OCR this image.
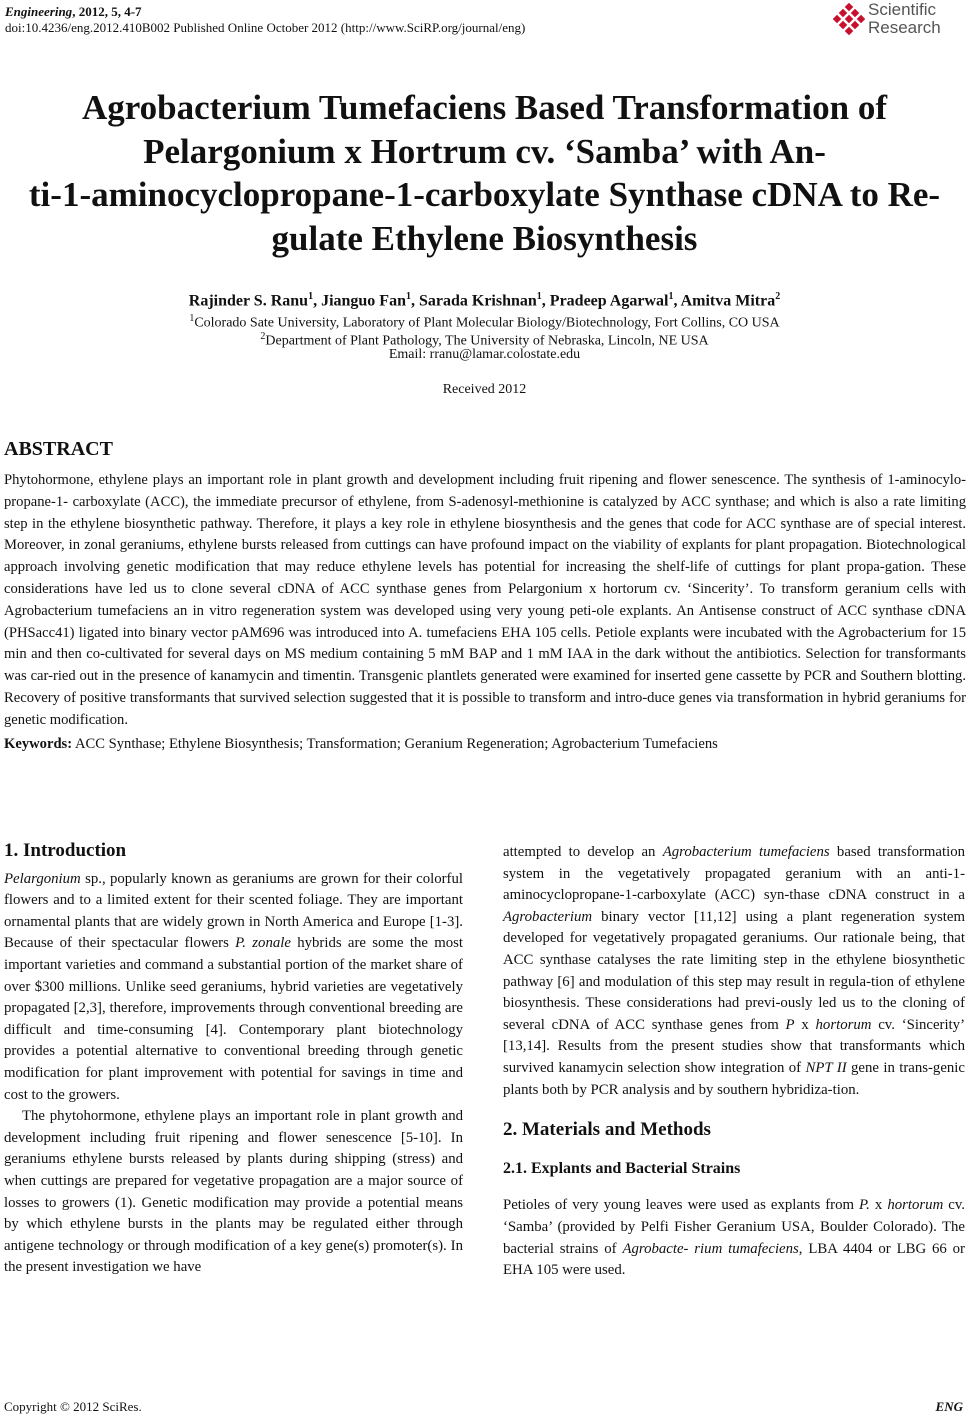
Engineering, 2012, 5, 4-7
doi:10.4236/eng.2012.410B002 Published Online October 2012 (http://www.SciRP.org/journal/eng)
Scientific
Research
Agrobacterium Tumefaciens Based Transformation of
Pelargonium x Hortrum cv. ‘Samba’ with An-
ti-1-aminocyclopropane-1-carboxylate Synthase cDNA to Re-
gulate Ethylene Biosynthesis
Rajinder S. Ranu$^1$, Jianguo Fan$^1$, Sarada Krishnan$^1$, Pradeep Agarwal$^1$, Amitva Mitra$^2$
$^1$Colorado Sate University, Laboratory of Plant Molecular Biology/Biotechnology, Fort Collins, CO USA
$^2$Department of Plant Pathology, The University of Nebraska, Lincoln, NE USA
Email: rranu@lamar.colostate.edu
Received 2012
ABSTRACT
Phytohormone, ethylene plays an important role in plant growth and development including fruit ripening and flower senescence. The synthesis of 1-aminocylo-propane-1- carboxylate (ACC), the immediate precursor of ethylene, from S-adenosyl-methionine is catalyzed by ACC synthase; and which is also a rate limiting step in the ethylene biosynthetic pathway. Therefore, it plays a key role in ethylene biosynthesis and the genes that code for ACC synthase are of special interest. Moreover, in zonal geraniums, ethylene bursts released from cuttings can have profound impact on the viability of explants for plant propagation. Biotechnological approach involving genetic modification that may reduce ethylene levels has potential for increasing the shelf-life of cuttings for plant propa-gation. These considerations have led us to clone several cDNA of ACC synthase genes from Pelargonium x hortorum cv. ‘Sincerity’. To transform geranium cells with Agrobacterium tumefaciens an in vitro regeneration system was developed using very young peti-ole explants. An Antisense construct of ACC synthase cDNA (PHSacc41) ligated into binary vector pAM696 was introduced into A. tumefaciens EHA 105 cells. Petiole explants were incubated with the Agrobacterium for 15 min and then co-cultivated for several days on MS medium containing 5 mM BAP and 1 mM IAA in the dark without the antibiotics. Selection for transformants was car-ried out in the presence of kanamycin and timentin. Transgenic plantlets generated were examined for inserted gene cassette by PCR and Southern blotting. Recovery of positive transformants that survived selection suggested that it is possible to transform and intro-duce genes via transformation in hybrid geraniums for genetic modification.
Keywords: ACC Synthase; Ethylene Biosynthesis; Transformation; Geranium Regeneration; Agrobacterium Tumefaciens
1. Introduction

Pelargonium sp., popularly known as geraniums are grown for their colorful flowers and to a limited extent for their scented foliage. They are important ornamental plants that are widely grown in North America and Europe [1-3]. Because of their spectacular flowers P. zonale hybrids are some the most important varieties and command a substantial portion of the market share of over $300 millions. Unlike seed geraniums, hybrid varieties are vegetatively propagated [2,3], therefore, improvements through conventional breeding are difficult and time-consuming [4]. Contemporary plant biotechnology provides a potential alternative to conventional breeding through genetic modification for plant improvement with potential for savings in time and cost to the growers.

The phytohormone, ethylene plays an important role in plant growth and development including fruit ripening and flower senescence [5-10]. In geraniums ethylene bursts released by plants during shipping (stress) and when cuttings are prepared for vegetative propagation are a major source of losses to growers (1). Genetic modification may provide a potential means by which ethylene bursts in the plants may be regulated either through antigene technology or through modification of a key gene(s) promoter(s). In the present investigation we have

attempted to develop an Agrobacterium tumefaciens based transformation system in the vegetatively propagated geranium with an anti-1-aminocyclopropane-1-carboxylate (ACC) syn-thase cDNA construct in a Agrobacterium binary vector [11,12] using a plant regeneration system developed for vegetatively propagated geraniums. Our rationale being, that ACC synthase catalyses the rate limiting step in the ethylene biosynthetic pathway [6] and modulation of this step may result in regula-tion of ethylene biosynthesis. These considerations had previ-ously led us to the cloning of several cDNA of ACC synthase genes from P x hortorum cv. ‘Sincerity’ [13,14]. Results from the present studies show that transformants which survived kanamycin selection show integration of NPT II gene in trans-genic plants both by PCR analysis and by southern hybridiza-tion.

2. Materials and Methods
2.1. Explants and Bacterial Strains

Petioles of very young leaves were used as explants from P. x hortorum cv. ‘Samba’ (provided by Pelfi Fisher Geranium USA, Boulder Colorado). The bacterial strains of Agrobacte- rium tumafeciens, LBA 4404 or LBG 66 or EHA 105 were used.

Copyright © 2012 SciRes.	ENG
